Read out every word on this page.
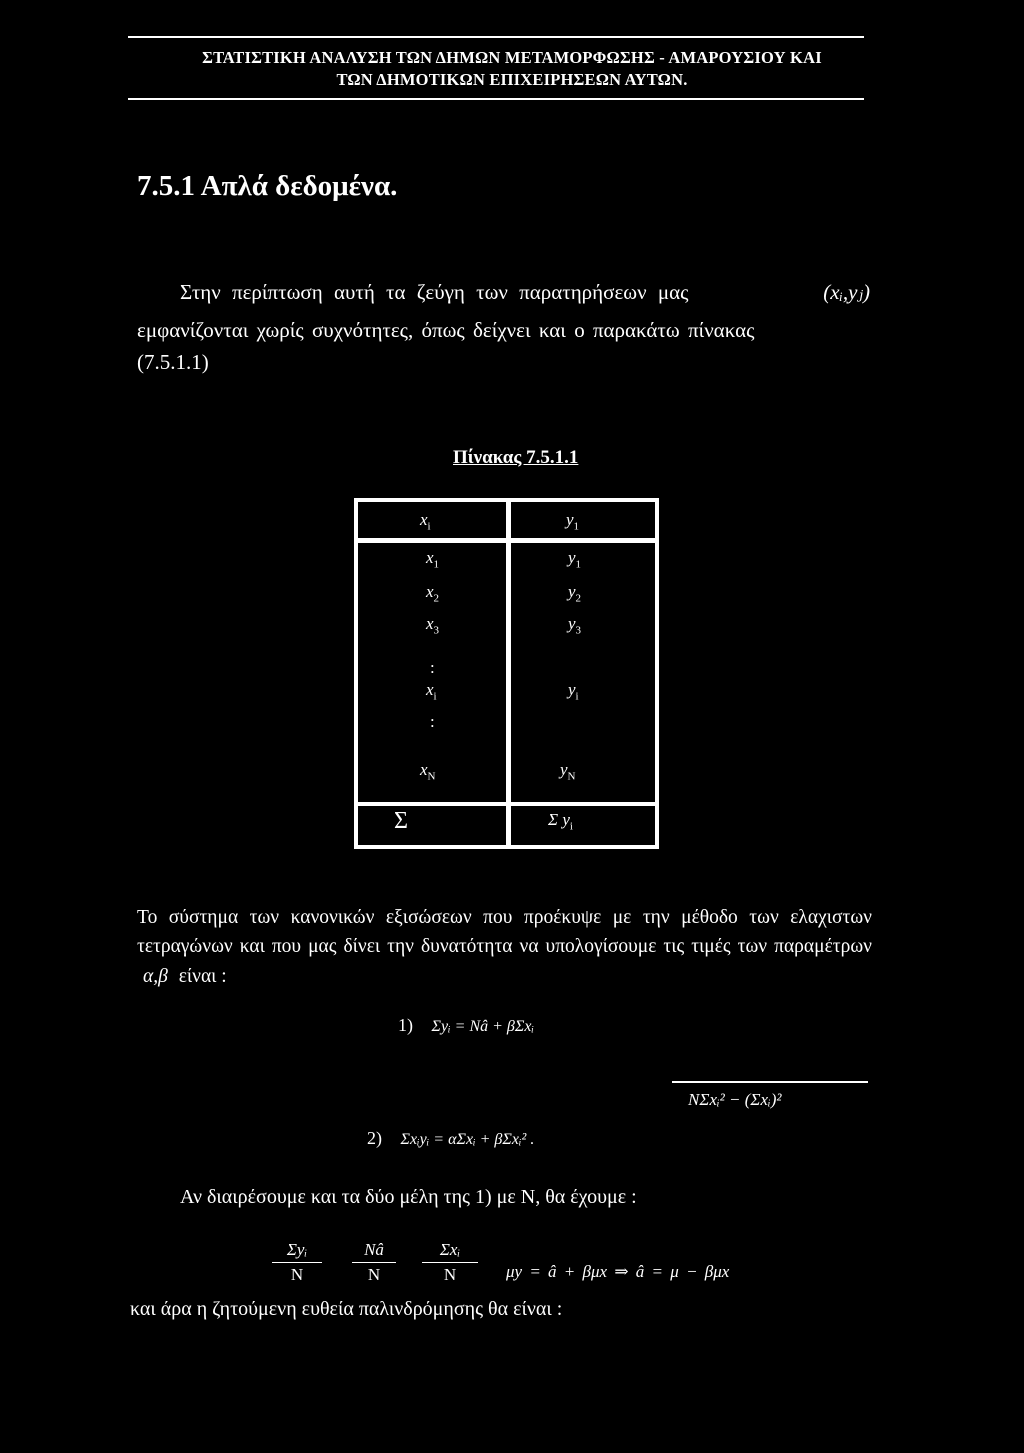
ΣΤΑΤΙΣΤΙΚΗ ΑΝΑΛΥΣΗ ΤΩΝ ΔΗΜΩΝ ΜΕΤΑΜΟΡΦΩΣΗΣ - ΑΜΑΡΟΥΣΙΟΥ ΚΑΙ
ΤΩΝ ΔΗΜΟΤΙΚΩΝ ΕΠΙΧΕΙΡΗΣΕΩΝ ΑΥΤΩΝ.
7.5.1 Απλά δεδομένα.
Στην περίπτωση αυτή τα ζεύγη των παρατηρήσεων μας	(xᵢ,yⱼ)
εμφανίζονται χωρίς συχνότητες, όπως δείχνει και ο παρακάτω πίνακας
(7.5.1.1)
Πίνακας 7.5.1.1
$x_i$	$y_1$
$x_1$	$y_1$
$x_2$	$y_2$
$x_3$	$y_3$
:
$x_i$	$y_i$
:
$x_N$	$y_N$
Σ	Σ $y_i$
Το σύστημα των κανονικών εξισώσεων που προέκυψε με την μέθοδο των ελαχιστων τετραγώνων και που μας δίνει την δυνατότητα να υπολογίσουμε τις τιμές των παραμέτρων α,β είναι :
1) Σyᵢ = Nâ + βΣxᵢ
NΣxᵢ² − (Σxᵢ)²
2) Σxᵢyᵢ = αΣxᵢ + βΣxᵢ² .
Αν διαιρέσουμε και τα δύο μέλη της 1) με N, θα έχουμε :
Σyᵢ
N
Nâ
N
Σxᵢ
N	μy = â + βμx ⇒ â = μ − βμx
και άρα η ζητούμενη ευθεία παλινδρόμησης θα είναι :
